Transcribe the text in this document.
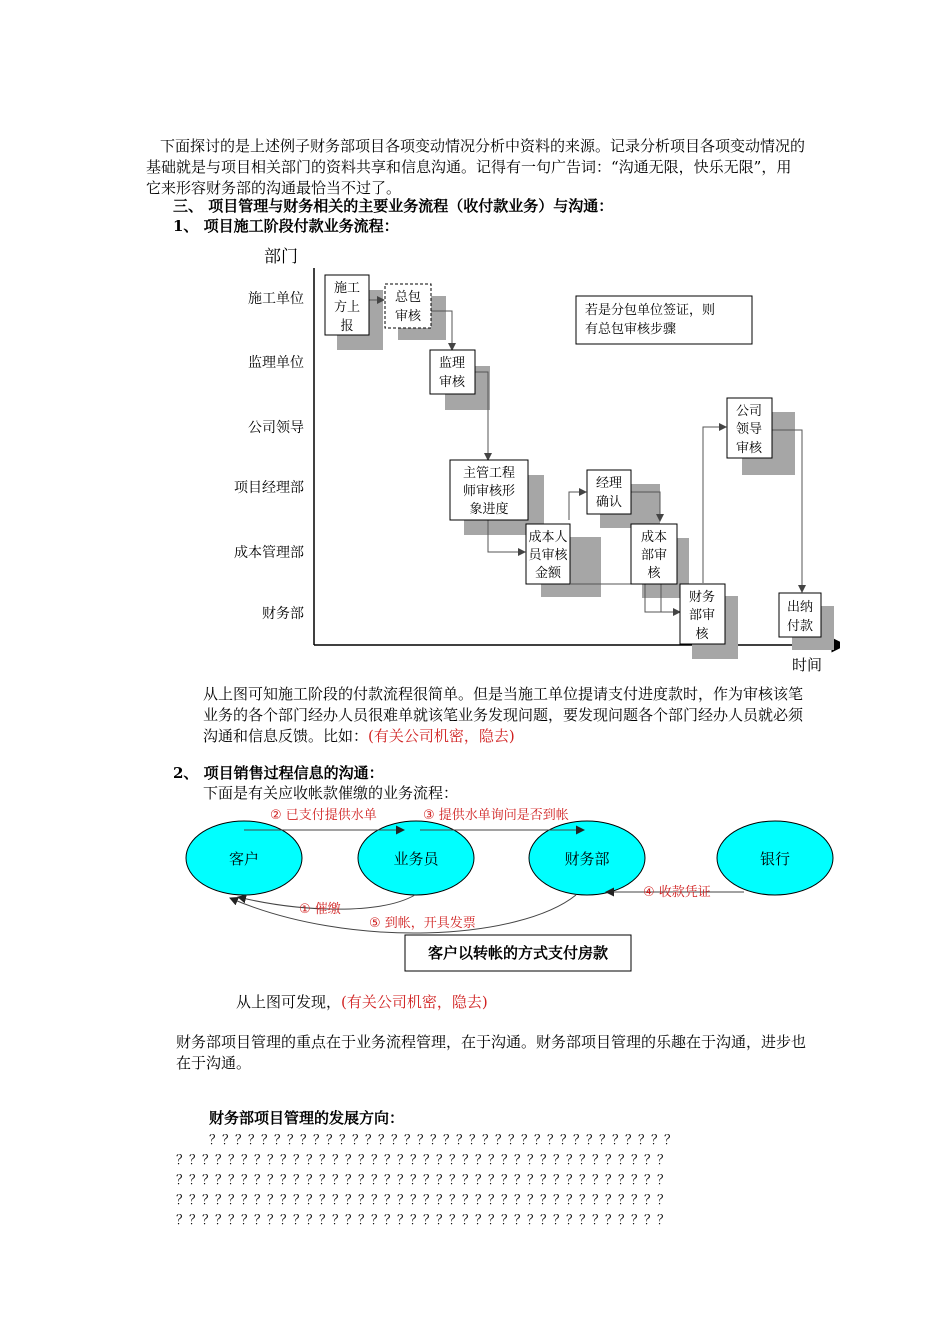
下面探讨的是上述例子财务部项目各项变动情况分析中资料的来源。记录分析项目各项变动情况的基础就是与项目相关部门的资料共享和信息沟通。记得有一句广告词：“沟通无限，快乐无限”，用它来形容财务部的沟通最恰当不过了。

三、 项目管理与财务相关的主要业务流程（收付款业务）与沟通：

1、 项目施工阶段付款业务流程：

部门
时间
施工单位
监理单位
公司领导
项目经理部
成本管理部
财务部
若是分包单位签证，则
有总包审核步骤
施工
方上
报
总包
审核
监理
审核
主管工程
师审核形
象进度
成本人
员审核
金额
经理
确认
成本
部审
核
财务
部审
核
公司
领导
审核
出纳
付款

从上图可知施工阶段的付款流程很简单。但是当施工单位提请支付进度款时，作为审核该笔业务的各个部门经办人员很难单就该笔业务发现问题，要发现问题各个部门经办人员就必须沟通和信息反馈。比如：(有关公司机密，隐去)

2、 项目销售过程信息的沟通：

下面是有关应收帐款催缴的业务流程：

客户	业务员	财务部	银行
② 已支付提供水单	③ 提供水单询问是否到帐
④ 收款凭证
① 催缴
⑤ 到帐，开具发票
客户以转帐的方式支付房款

从上图可发现，(有关公司机密，隐去)

财务部项目管理的重点在于业务流程管理，在于沟通。财务部项目管理的乐趣在于沟通，进步也在于沟通。

财务部项目管理的发展方向：

？？？？？？？？？？？？？？？？？？？？？？？？？？？？？？？？？？？？
？？？？？？？？？？？？？？？？？？？？？？？？？？？？？？？？？？？？？？
？？？？？？？？？？？？？？？？？？？？？？？？？？？？？？？？？？？？？？
？？？？？？？？？？？？？？？？？？？？？？？？？？？？？？？？？？？？？？
？？？？？？？？？？？？？？？？？？？？？？？？？？？？？？？？？？？？？？
